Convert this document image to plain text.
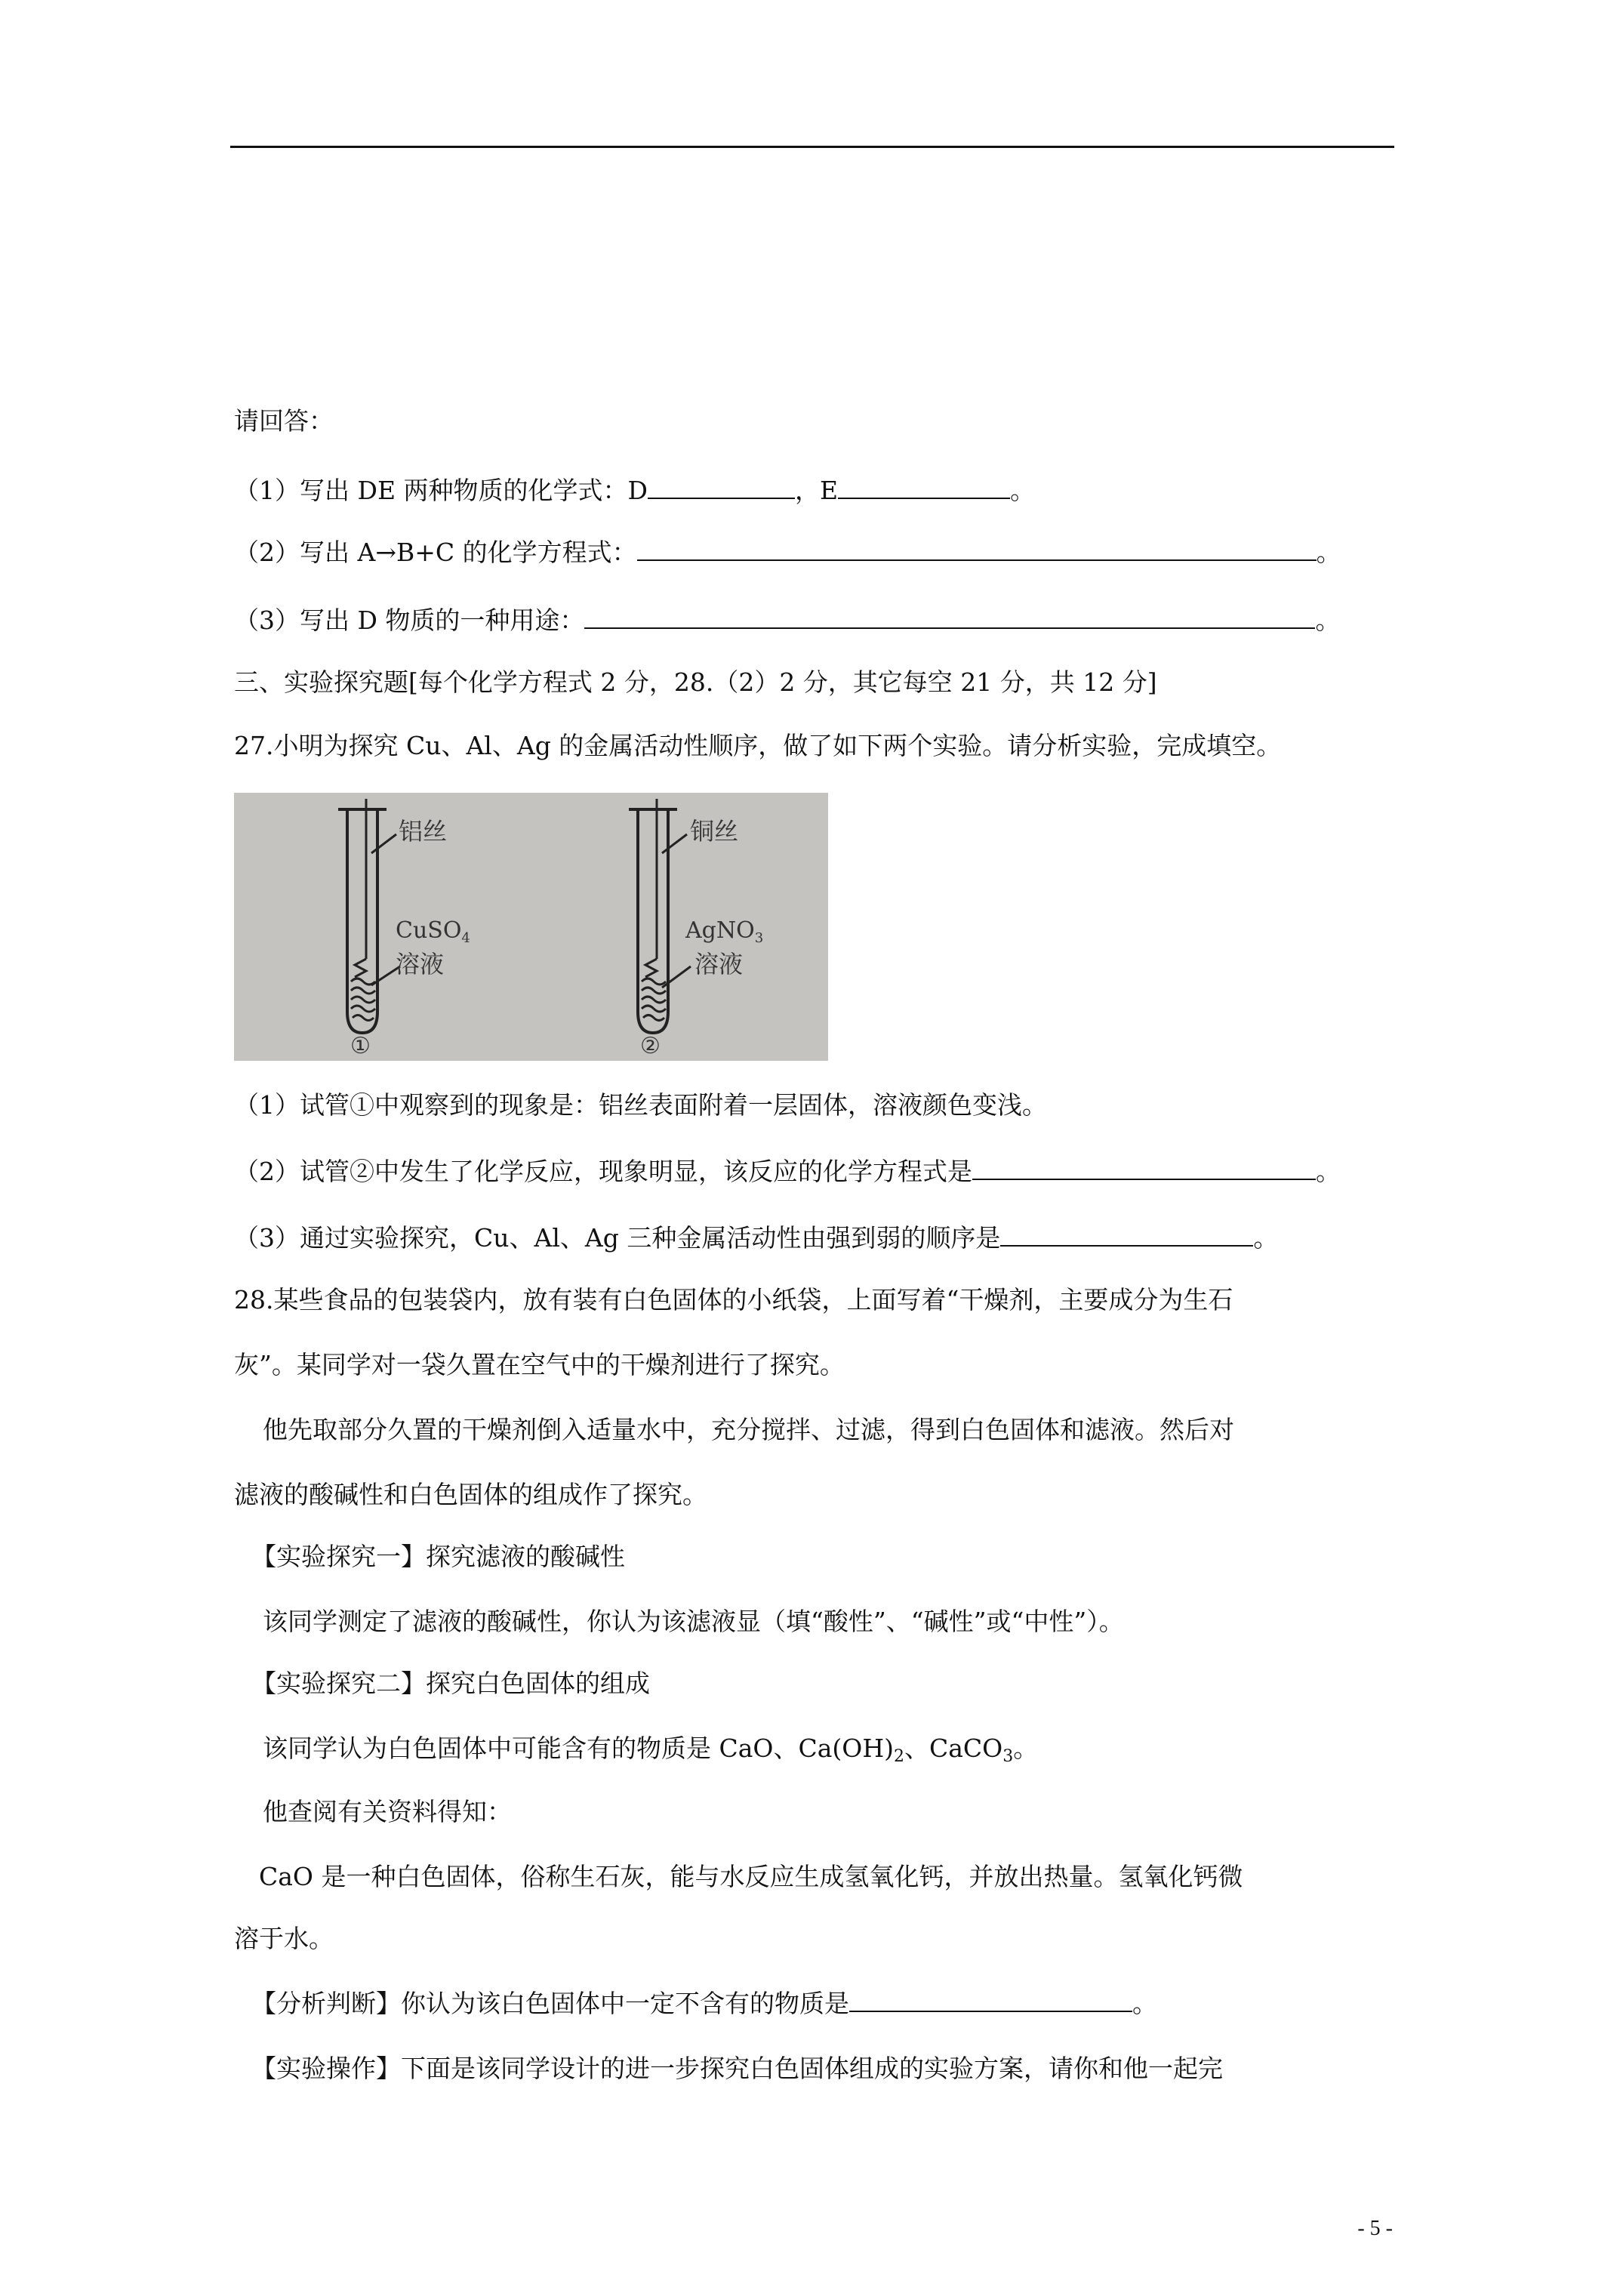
请回答：
（1）写出 DE 两种物质的化学式：D	，E	。
（2）写出 A→B+C 的化学方程式：	。
（3）写出 D 物质的一种用途：	。
三、实验探究题[每个化学方程式 2 分，28.（2）2 分，其它每空 21 分，共 12 分]
27.小明为探究 Cu、Al、Ag 的金属活动性顺序，做了如下两个实验。请分析实验，完成填空。
铝丝
CuSO$_4$
溶液
①
铜丝
AgNO$_3$
溶液
②
（1）试管①中观察到的现象是：铝丝表面附着一层固体，溶液颜色变浅。
（2）试管②中发生了化学反应，现象明显，该反应的化学方程式是	。
（3）通过实验探究，Cu、Al、Ag 三种金属活动性由强到弱的顺序是	。
28.某些食品的包装袋内，放有装有白色固体的小纸袋，上面写着“干燥剂，主要成分为生石
灰”。某同学对一袋久置在空气中的干燥剂进行了探究。
他先取部分久置的干燥剂倒入适量水中，充分搅拌、过滤，得到白色固体和滤液。然后对
滤液的酸碱性和白色固体的组成作了探究。
【实验探究一】探究滤液的酸碱性
该同学测定了滤液的酸碱性，你认为该滤液显（填“酸性”、“碱性”或“中性”）。
【实验探究二】探究白色固体的组成
该同学认为白色固体中可能含有的物质是 CaO、$Ca(OH)_2$、CaCO$_3$。
他查阅有关资料得知：
CaO 是一种白色固体，俗称生石灰，能与水反应生成氢氧化钙，并放出热量。氢氧化钙微
溶于水。
【分析判断】你认为该白色固体中一定不含有的物质是	。
【实验操作】下面是该同学设计的进一步探究白色固体组成的实验方案，请你和他一起完
- 5 -
